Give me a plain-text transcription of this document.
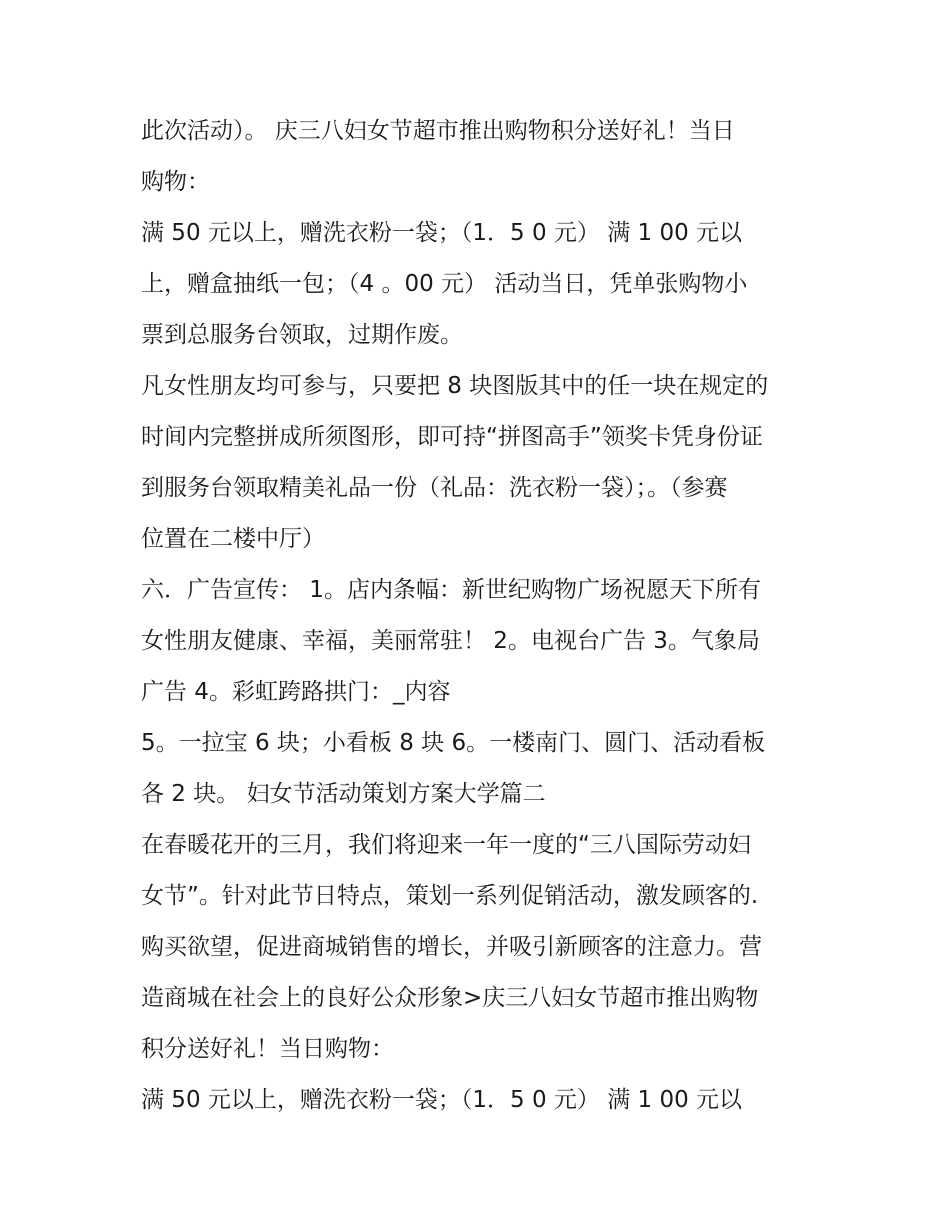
此次活动）。 庆三八妇女节超市推出购物积分送好礼！当日
购物：
满 50 元以上，赠洗衣粉一袋；（1．5 0 元） 满 1 00 元以
上，赠盒抽纸一包；（4 。00 元） 活动当日，凭单张购物小
票到总服务台领取，过期作废。
凡女性朋友均可参与，只要把 8 块图版其中的任一块在规定的
时间内完整拼成所须图形，即可持“拼图高手”领奖卡凭身份证
到服务台领取精美礼品一份（礼品：洗衣粉一袋）；。（参赛
位置在二楼中厅）
六．广告宣传： 1。店内条幅：新世纪购物广场祝愿天下所有
女性朋友健康、幸福，美丽常驻！ 2。电视台广告 3。气象局
广告 4。彩虹跨路拱门：_内容
5。一拉宝 6 块；小看板 8 块 6。一楼南门、圆门、活动看板
各 2 块。 妇女节活动策划方案大学篇二
在春暖花开的三月，我们将迎来一年一度的“三八国际劳动妇
女节”。针对此节日特点，策划一系列促销活动，激发顾客的.
购买欲望，促进商城销售的增长，并吸引新顾客的注意力。营
造商城在社会上的良好公众形象>庆三八妇女节超市推出购物
积分送好礼！当日购物：
满 50 元以上，赠洗衣粉一袋；（1．5 0 元） 满 1 00 元以
